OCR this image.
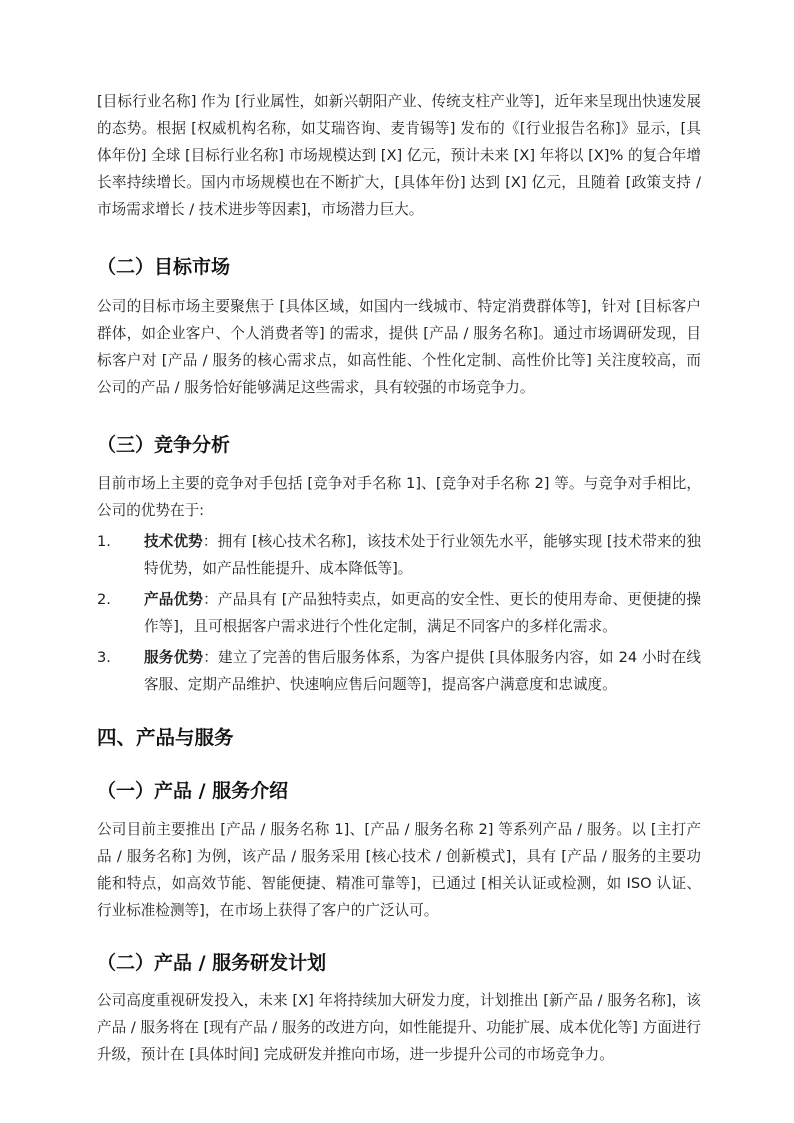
[目标行业名称] 作为 [行业属性，如新兴朝阳产业、传统支柱产业等]，近年来呈现出快速发展的态势。根据 [权威机构名称，如艾瑞咨询、麦肯锡等] 发布的《[行业报告名称]》显示，[具体年份] 全球 [目标行业名称] 市场规模达到 [X] 亿元，预计未来 [X] 年将以 [X]% 的复合年增长率持续增长。国内市场规模也在不断扩大，[具体年份] 达到 [X] 亿元，且随着 [政策支持 / 市场需求增长 / 技术进步等因素]，市场潜力巨大。

（二）目标市场

公司的目标市场主要聚焦于 [具体区域，如国内一线城市、特定消费群体等]，针对 [目标客户群体，如企业客户、个人消费者等] 的需求，提供 [产品 / 服务名称]。通过市场调研发现，目标客户对 [产品 / 服务的核心需求点，如高性能、个性化定制、高性价比等] 关注度较高，而公司的产品 / 服务恰好能够满足这些需求，具有较强的市场竞争力。

（三）竞争分析

目前市场上主要的竞争对手包括 [竞争对手名称 1]、[竞争对手名称 2] 等。与竞争对手相比，公司的优势在于:

1. 技术优势：拥有 [核心技术名称]，该技术处于行业领先水平，能够实现 [技术带来的独特优势，如产品性能提升、成本降低等]。
2. 产品优势：产品具有 [产品独特卖点，如更高的安全性、更长的使用寿命、更便捷的操作等]，且可根据客户需求进行个性化定制，满足不同客户的多样化需求。
3. 服务优势：建立了完善的售后服务体系，为客户提供 [具体服务内容，如 24 小时在线客服、定期产品维护、快速响应售后问题等]，提高客户满意度和忠诚度。
四、产品与服务
（一）产品 / 服务介绍

公司目前主要推出 [产品 / 服务名称 1]、[产品 / 服务名称 2] 等系列产品 / 服务。以 [主打产品 / 服务名称] 为例，该产品 / 服务采用 [核心技术 / 创新模式]，具有 [产品 / 服务的主要功能和特点，如高效节能、智能便捷、精准可靠等]，已通过 [相关认证或检测，如 ISO 认证、行业标准检测等]，在市场上获得了客户的广泛认可。

（二）产品 / 服务研发计划

公司高度重视研发投入，未来 [X] 年将持续加大研发力度，计划推出 [新产品 / 服务名称]，该产品 / 服务将在 [现有产品 / 服务的改进方向，如性能提升、功能扩展、成本优化等] 方面进行升级，预计在 [具体时间] 完成研发并推向市场，进一步提升公司的市场竞争力。
